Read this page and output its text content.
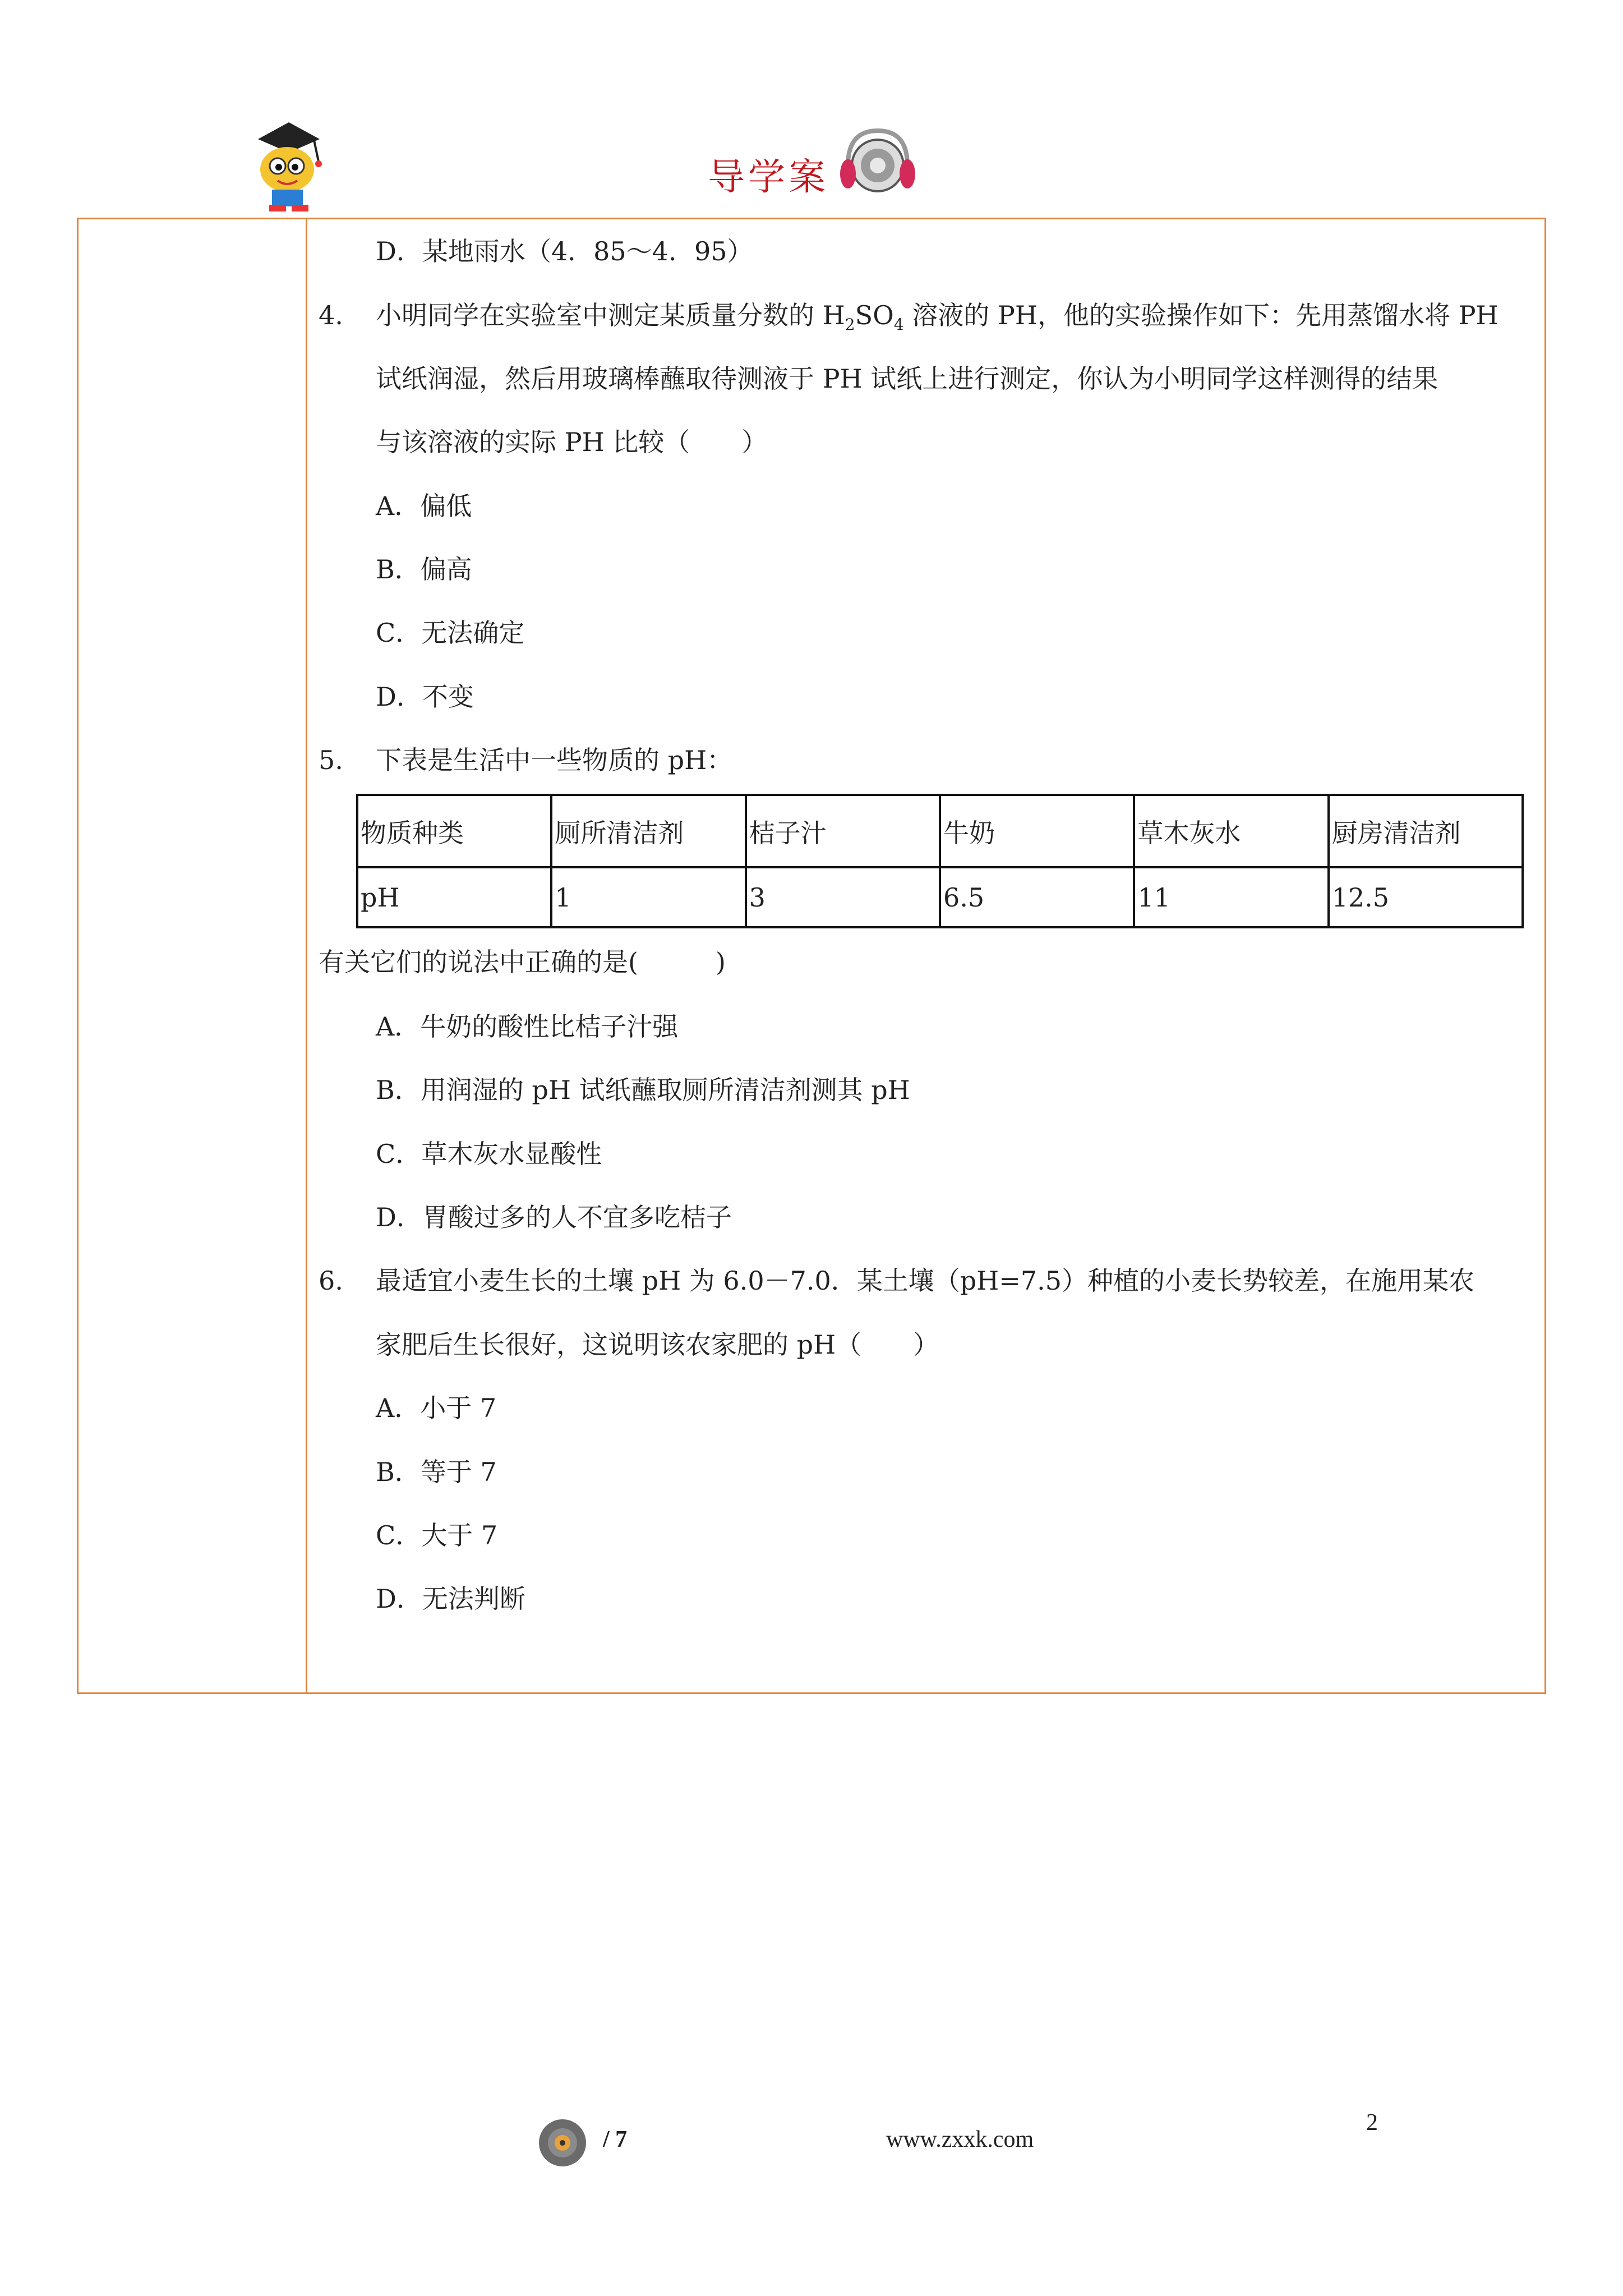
导学案
D．某地雨水（4．85～4．95）
4. 小明同学在实验室中测定某质量分数的 $H_2SO_4$ 溶液的 PH，他的实验操作如下：先用蒸馏水将 PH
试纸润湿，然后用玻璃棒蘸取待测液于 PH 试纸上进行测定，你认为小明同学这样测得的结果
与该溶液的实际 PH 比较（　　）
A．偏低
B．偏高
C．无法确定
D．不变
5. 下表是生活中一些物质的 pH：
物质种类	厕所清洁剂	桔子汁	牛奶	草木灰水	厨房清洁剂
pH	1	3	6.5	11	12.5
有关它们的说法中正确的是(　　　)
A．牛奶的酸性比桔子汁强
B．用润湿的 pH 试纸蘸取厕所清洁剂测其 pH
C．草木灰水显酸性
D．胃酸过多的人不宜多吃桔子
6. 最适宜小麦生长的土壤 pH 为 6.0－7.0．某土壤（pH=7.5）种植的小麦长势较差，在施用某农
家肥后生长很好，这说明该农家肥的 pH（　　）
A．小于 7
B．等于 7
C．大于 7
D．无法判断
/ 7	www.zxxk.com
2
